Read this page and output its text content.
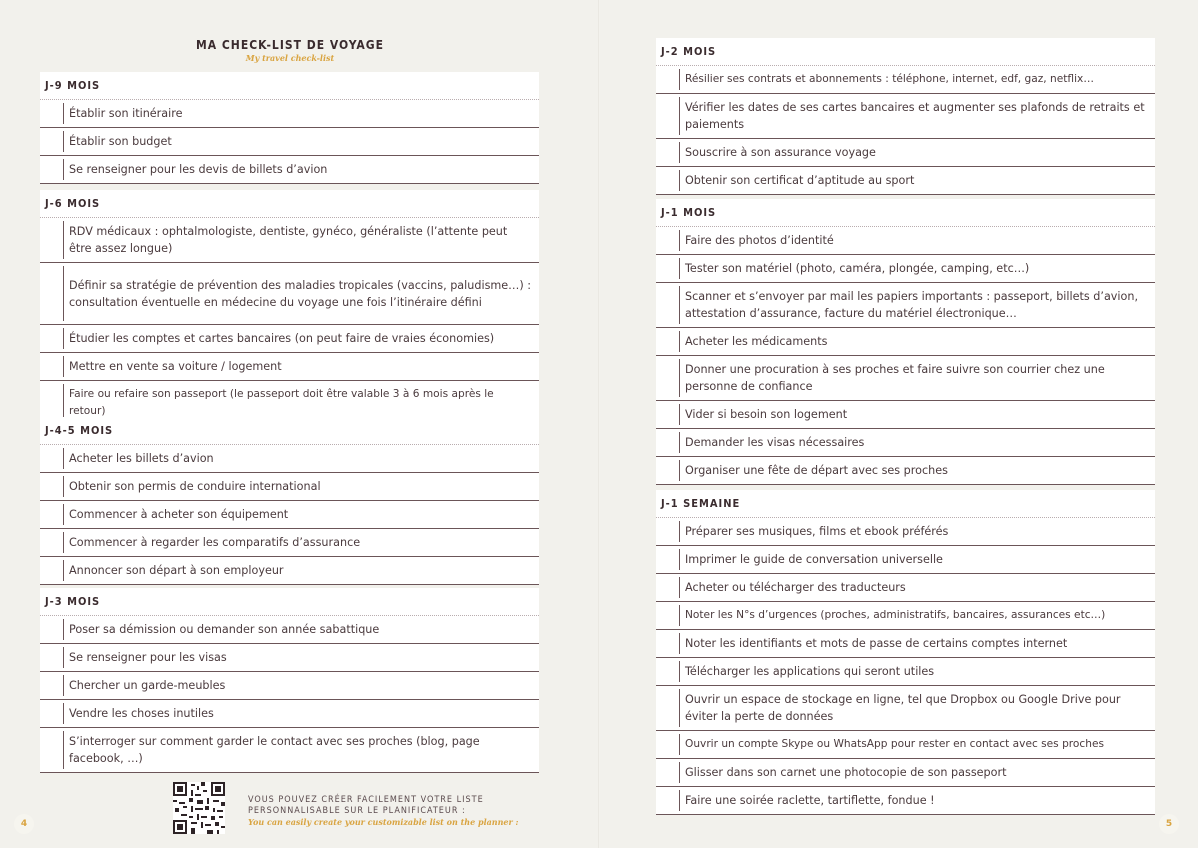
MA CHECK-LIST DE VOYAGE
My travel check-list
J-9 MOIS
Établir son itinéraire
Établir son budget
Se renseigner pour les devis de billets d’avion
J-6 MOIS
RDV médicaux : ophtalmologiste, dentiste, gynéco, généraliste (l’attente peut être assez longue)
Définir sa stratégie de prévention des maladies tropicales (vaccins, paludisme…) : consultation éventuelle en médecine du voyage une fois l’itinéraire défini
Étudier les comptes et cartes bancaires (on peut faire de vraies économies)
Mettre en vente sa voiture / logement
Faire ou refaire son passeport (le passeport doit être valable 3 à 6 mois après le retour)
J-4-5 MOIS
Acheter les billets d’avion
Obtenir son permis de conduire international
Commencer à acheter son équipement
Commencer à regarder les comparatifs d’assurance
Annoncer son départ à son employeur
J-3 MOIS
Poser sa démission ou demander son année sabattique
Se renseigner pour les visas
Chercher un garde-meubles
Vendre les choses inutiles
S’interroger sur comment garder le contact avec ses proches (blog, page facebook, …)
VOUS POUVEZ CRÉER FACILEMENT VOTRE LISTE
PERSONNALISABLE SUR LE PLANIFICATEUR :
You can easily create your customizable list on the planner :
4
J-2 MOIS
Résilier ses contrats et abonnements : téléphone, internet, edf, gaz, netflix…
Vérifier les dates de ses cartes bancaires et augmenter ses plafonds de retraits et paiements
Souscrire à son assurance voyage
Obtenir son certificat d’aptitude au sport
J-1 MOIS
Faire des photos d’identité
Tester son matériel (photo, caméra, plongée, camping, etc…)
Scanner et s’envoyer par mail les papiers importants : passeport, billets d’avion, attestation d’assurance, facture du matériel électronique…
Acheter les médicaments
Donner une procuration à ses proches et faire suivre son courrier chez une personne de confiance
Vider si besoin son logement
Demander les visas nécessaires
Organiser une fête de départ avec ses proches
J-1 SEMAINE
Préparer ses musiques, films et ebook préférés
Imprimer le guide de conversation universelle
Acheter ou télécharger des traducteurs
Noter les N°s d’urgences (proches, administratifs, bancaires, assurances etc…)
Noter les identifiants et mots de passe de certains comptes internet
Télécharger les applications qui seront utiles
Ouvrir un espace de stockage en ligne, tel que Dropbox ou Google Drive pour éviter la perte de données
Ouvrir un compte Skype ou WhatsApp pour rester en contact avec ses proches
Glisser dans son carnet une photocopie de son passeport
Faire une soirée raclette, tartiflette, fondue !
5
